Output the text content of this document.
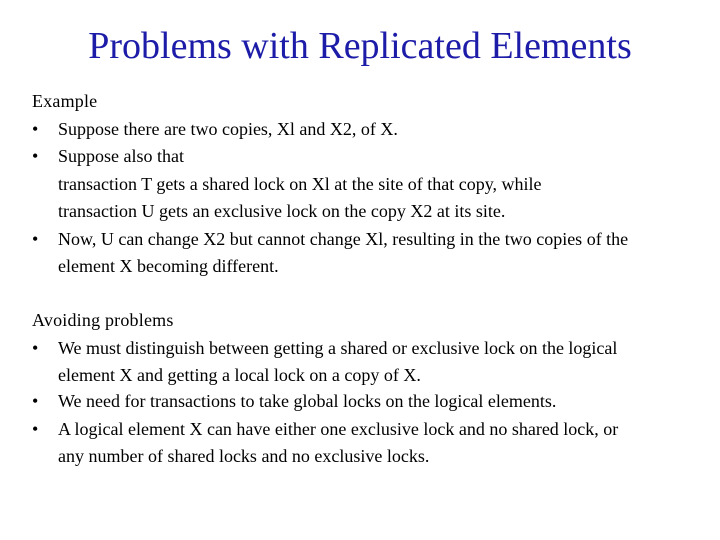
Problems with Replicated Elements
Example
• Suppose there are two copies, Xl and X2, of X.
• Suppose also that
transaction T gets a shared lock on Xl at the site of that copy, while
transaction U gets an exclusive lock on the copy X2 at its site.
• Now, U can change X2 but cannot change Xl, resulting in the two copies of the
element X becoming different.
Avoiding problems
• We must distinguish between getting a shared or exclusive lock on the logical
element X and getting a local lock on a copy of X.
• We need for transactions to take global locks on the logical elements.
• A logical element X can have either one exclusive lock and no shared lock, or
any number of shared locks and no exclusive locks.
